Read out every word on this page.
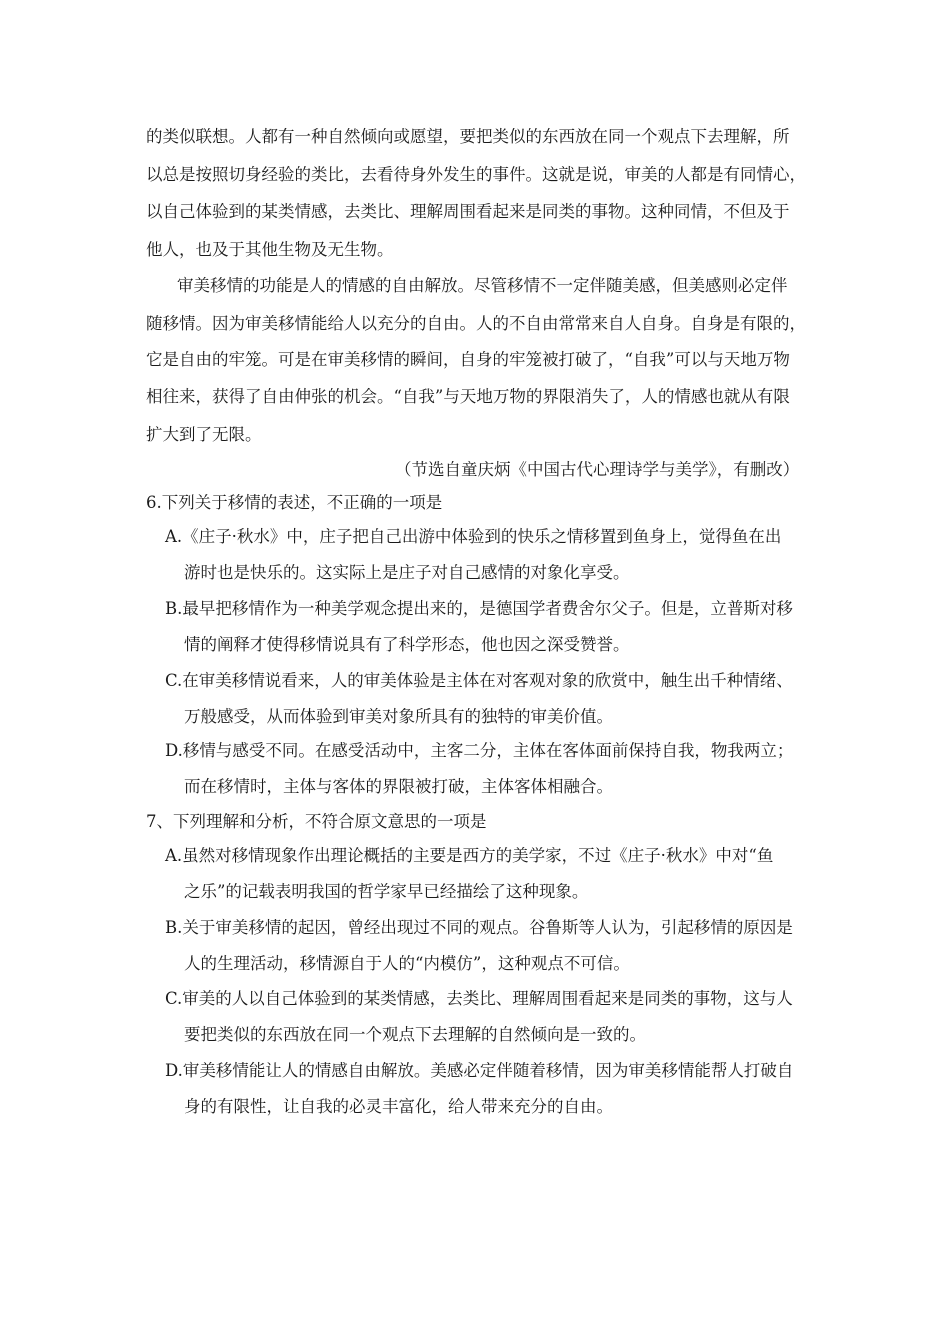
的类似联想。人都有一种自然倾向或愿望，要把类似的东西放在同一个观点下去理解，所
以总是按照切身经验的类比，去看待身外发生的事件。这就是说，审美的人都是有同情心，
以自己体验到的某类情感，去类比、理解周围看起来是同类的事物。这种同情，不但及于
他人，也及于其他生物及无生物。
审美移情的功能是人的情感的自由解放。尽管移情不一定伴随美感，但美感则必定伴
随移情。因为审美移情能给人以充分的自由。人的不自由常常来自人自身。自身是有限的，
它是自由的牢笼。可是在审美移情的瞬间，自身的牢笼被打破了，“自我”可以与天地万物
相往来，获得了自由伸张的机会。“自我”与天地万物的界限消失了，人的情感也就从有限
扩大到了无限。
（节选自童庆炳《中国古代心理诗学与美学》，有删改）
6.下列关于移情的表述，不正确的一项是
A.《庄子·秋水》中，庄子把自己出游中体验到的快乐之情移置到鱼身上，觉得鱼在出
游时也是快乐的。这实际上是庄子对自己感情的对象化享受。
B.最早把移情作为一种美学观念提出来的，是德国学者费舍尔父子。但是，立普斯对移
情的阐释才使得移情说具有了科学形态，他也因之深受赞誉。
C.在审美移情说看来，人的审美体验是主体在对客观对象的欣赏中，触生出千种情绪、
万般感受，从而体验到审美对象所具有的独特的审美价值。
D.移情与感受不同。在感受活动中，主客二分，主体在客体面前保持自我，物我两立；
而在移情时，主体与客体的界限被打破，主体客体相融合。
7、下列理解和分析，不符合原文意思的一项是
A.虽然对移情现象作出理论概括的主要是西方的美学家，不过《庄子·秋水》中对“鱼
之乐”的记载表明我国的哲学家早已经描绘了这种现象。
B.关于审美移情的起因，曾经出现过不同的观点。谷鲁斯等人认为，引起移情的原因是
人的生理活动，移情源自于人的“内模仿”，这种观点不可信。
C.审美的人以自己体验到的某类情感，去类比、理解周围看起来是同类的事物，这与人
要把类似的东西放在同一个观点下去理解的自然倾向是一致的。
D.审美移情能让人的情感自由解放。美感必定伴随着移情，因为审美移情能帮人打破自
身的有限性，让自我的必灵丰富化，给人带来充分的自由。
